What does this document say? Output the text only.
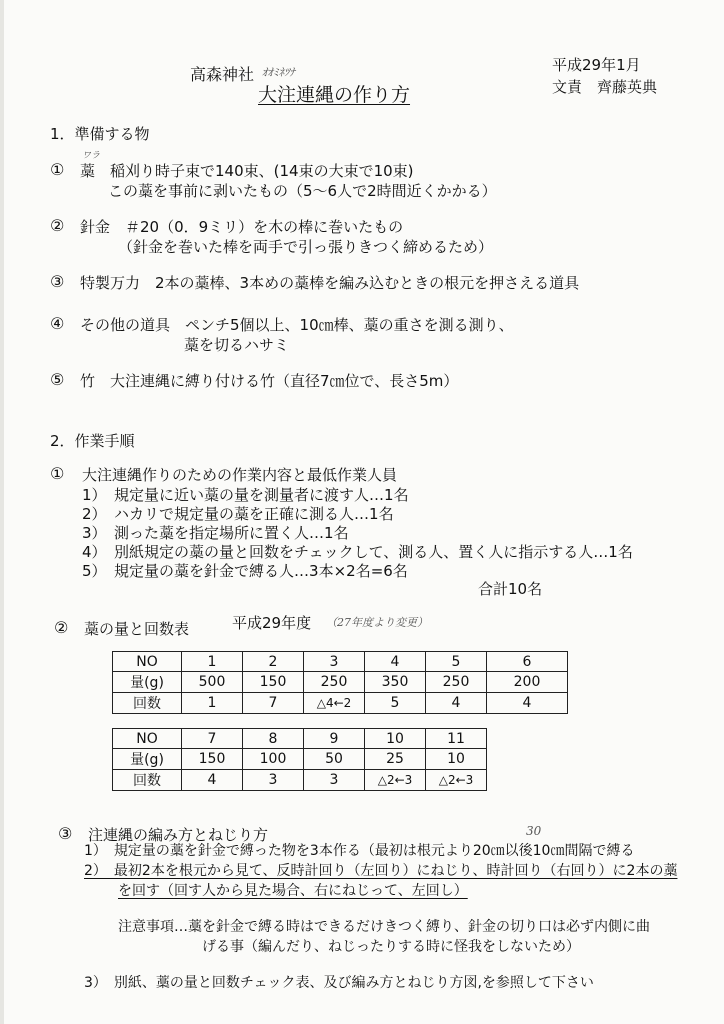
高森神社 ｵｵﾐﾈﾂﾅ
大注連縄の作り方
平成29年1月
文責　齊藤英典
1．準備する物
ワラ
① 藁　稲刈り時子束で140束、(14束の大束で10束)
この藁を事前に剥いたもの（5～6人で2時間近くかかる）
② 針金　＃20（0．9ミリ）を木の棒に巻いたもの
（針金を巻いた棒を両手で引っ張りきつく締めるため）
③ 特製万力　2本の藁棒、3本めの藁棒を編み込むときの根元を押さえる道具
④ その他の道具　ペンチ5個以上、10㎝棒、藁の重さを測る測り、
藁を切るハサミ
⑤ 竹　大注連縄に縛り付ける竹（直径7㎝位で、長さ5m）
2．作業手順
① 大注連縄作りのための作業内容と最低作業人員
1）　規定量に近い藁の量を測量者に渡す人…1名
2）　ハカリで規定量の藁を正確に測る人…1名
3）　測った藁を指定場所に置く人…1名
4）　別紙規定の藁の量と回数をチェックして、測る人、置く人に指示する人…1名
5）　規定量の藁を針金で縛る人…3本×2名=6名
合計10名
② 藁の量と回数表	平成29年度 （27年度より変更）
NO	1	2	3	4	5	6
量(g)	500	150	250	350	250	200
回数	1	7	△4←2	5	4	4
NO	7	8	9	10	11
量(g)	150	100	50	25	10
回数	4	3	3	△2←3	△2←3
③ 注連縄の編み方とねじり方	30
1）　規定量の藁を針金で縛った物を3本作る（最初は根元より20㎝以後10㎝間隔で縛る
2）　最初2本を根元から見て、反時計回り（左回り）にねじり、時計回り（右回り）に2本の藁
を回す（回す人から見た場合、右にねじって、左回し）
注意事項…藁を針金で縛る時はできるだけきつく縛り、針金の切り口は必ず内側に曲
げる事（編んだり、ねじったりする時に怪我をしないため）
3）　別紙、藁の量と回数チェック表、及び編み方とねじり方図,を参照して下さい
